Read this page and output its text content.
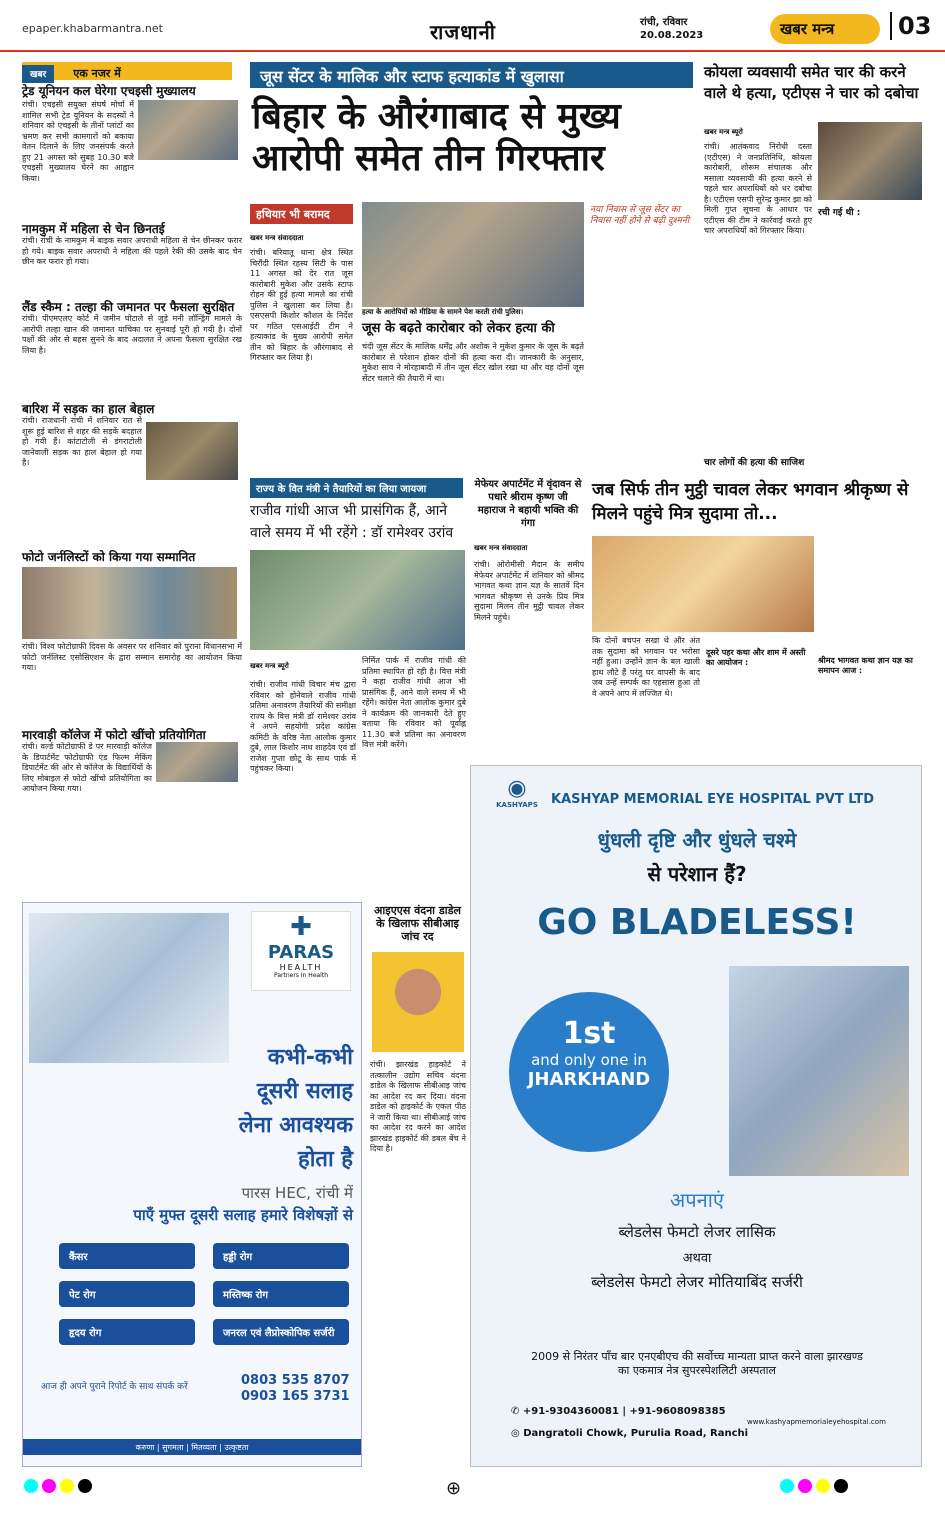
epaper.khabarmantra.net	राजधानी	रांची, रविवार
20.08.2023	खबर मन्त्र	03
खबर एक नजर में
ट्रेड यूनियन कल घेरेगा एचइसी मुख्यालय
रांची। एचइसी सयुक्त संघर्ष मोर्चा में शामिल सभी ट्रेड यूनियन के सदस्यों ने शनिवार को एचइसी के तीनों प्लांटों का भ्रमण कर सभी कामगारों को बकाया वेतन दिलाने के लिए जनसंपर्क करते हुए 21 अगस्त को सुबह 10.30 बजे एचइसी मुख्यालय घेरने का आह्वान किया।
नामकुम में महिला से चेन छिनतई
रांची। रांची के नामकुम में बाइक सवार अपराधी महिला से चेन छीनकर फरार हो गये। बाइक सवार अपराधी ने महिला की पहले रेकी की उसके बाद चेन छीन कर फरार हो गया।
लैंड स्कैम : तल्हा की जमानत पर फैसला सुरक्षित
रांची। पीएमएलए कोर्ट में जमीन घोटाले से जुड़े मनी लॉन्ड्रिंग मामले के आरोपी तल्हा खान की जमानत याचिका पर सुनवाई पूरी हो गयी है। दोनों पक्षों की ओर से बहस सुनने के बाद अदालत ने अपना फैसला सुरक्षित रख लिया है।
बारिश में सड़क का हाल बेहाल
रांची। राजधानी रांची में शनिवार रात से शुरू हुई बारिश से शहर की सड़कें बदहाल हो गयी हैं। कांटाटोली से डंगराटोली जानेवाली सड़क का हाल बेहाल हो गया है।
फोटो जर्नलिस्टों को किया गया सम्मानित
रांची। विश्व फोटोग्राफी दिवस के अवसर पर शनिवार को पुराना विधानसभा में फोटो जर्नलिस्ट एसोसिएशन के द्वारा सम्मान समारोह का आयोजन किया गया।
मारवाड़ी कॉलेज में फोटो खींचो प्रतियोगिता
रांची। वर्ल्ड फोटोग्राफी डे पर मारवाड़ी कॉलेज के डिपार्टमेंट फोटोग्राफी एंड फिल्म मेकिंग डिपार्टमेंट की ओर से कॉलेज के विद्यार्थियों के लिए मोबाइल से फोटो खींचो प्रतियोगिता का आयोजन किया गया।
जूस सेंटर के मालिक और स्टाफ हत्याकांड में खुलासा
बिहार के औरंगाबाद से मुख्य आरोपी समेत तीन गिरफ्तार
हथियार भी बरामद
खबर मन्त्र संवाददाता
रांची। बरियातू थाना क्षेत्र स्थित चिरौंदी स्थित रहस्य सिटी के पास 11 अगस्त को देर रात जूस कारोबारी मुकेश और उसके स्टाफ रोहन की हुई हत्या मामले का रांची पुलिस ने खुलासा कर लिया है। एसएसपी किशोर कौशल के निर्देश पर गठित एसआईटी टीम ने हत्याकांड के मुख्य आरोपी समेत तीन को बिहार के औरंगाबाद से गिरफ्तार कर लिया है।
हत्या के आरोपियों को मीडिया के सामने पेश करती रांची पुलिस।
जूस के बढ़ते कारोबार को लेकर हत्या की
चंदी जूस सेंटर के मालिक धर्मेंद्र और अशोक ने मुकेश कुमार के जूस के बढ़ते कारोबार से परेशान होकर दोनों की हत्या करा दी। जानकारी के अनुसार, मुकेश साव ने मोरहाबादी में तीन जूस सेंटर खोल रखा था और वह दोनों जूस सेंटर चलाने की तैयारी में था।
नया निवास से जूस सेंटर का निवास नहीं होने से बढ़ी दुश्मनी
कोयला व्यवसायी समेत चार की करने वाले थे हत्या, एटीएस ने चार को दबोचा
खबर मन्त्र ब्यूरो
रांची। आतंकवाद निरोधी दस्ता (एटीएस) ने जनप्रतिनिधि, कोयला कारोबारी, शोरूम संचालक और मसाला व्यवसायी की हत्या करने से पहले चार अपराधियों को धर दबोचा है। एटीएस एसपी सुरेन्द्र कुमार झा को मिली गुप्त सूचना के आधार पर एटीएस की टीम ने कार्रवाई करते हुए चार अपराधियों को गिरफ्तार किया।
रची गई थी :
चार लोगों की हत्या की साजिश
राज्य के वित मंत्री ने तैयारियों का लिया जायजा
राजीव गांधी आज भी प्रासंगिक हैं, आने वाले समय में भी रहेंगे : डॉ रामेश्वर उरांव
खबर मन्त्र ब्यूरो
रांची। राजीव गांधी विचार मंच द्वारा रविवार को होनेवाले राजीव गांधी प्रतिमा अनावरण तैयारियों की समीक्षा राज्य के वित्त मंत्री डॉ रामेश्वर उरांव ने अपने सहयोगी प्रदेश कांग्रेस कमिटी के वरिष्ठ नेता आलोक कुमार दुबे, लाल किशोर नाथ शाहदेव एवं डॉ राजेश गुप्ता छोटू के साथ पार्क में पहुंचकर किया।
निर्मित पार्क में राजीव गांधी की प्रतिमा स्थापित हो रही है। वित्त मंत्री ने कहा राजीव गांधी आज भी प्रासंगिक हैं, आने वाले समय में भी रहेंगे। कांग्रेस नेता आलोक कुमार दुबे ने कार्यक्रम की जानकारी देते हुए बताया कि रविवार को पूर्वाह्न 11.30 बजे प्रतिमा का अनावरण वित्त मंत्री करेंगे।
मेफेयर अपार्टमेंट में वृंदावन से पधारे श्रीराम कृष्ण जी महाराज ने बहायी भक्ति की गंगा
खबर मन्त्र संवाददाता
रांची। ओरोमीसी मैदान के समीप मेफेयर अपार्टमेंट में शनिवार को श्रीमद भागवत कथा ज्ञान यज्ञ के सातवें दिन भागवत श्रीकृष्ण से उनके प्रिय मित्र सुदामा मिलन तीन मुट्ठी चावल लेकर मिलने पहुंचे।
जब सिर्फ तीन मुट्ठी चावल लेकर भगवान श्रीकृष्ण से मिलने पहुंचे मित्र सुदामा तो...
कि दोनों बचपन सखा थे और अंत तक सुदामा को भगवान पर भरोसा नहीं हुआ। उन्होंने ज्ञान के बल खाली हाथ लौटे हैं परंतु घर वापसी के बाद जब उन्हें सम्पर्क का एहसास हुआ तो वे अपने आप में लज्जित थे।
दूसरे पहर कथा और शाम में अस्ती का आयोजन :	श्रीमद भागवत कथा ज्ञान यज्ञ का समापन आज :
आइएएस वंदना डाडेल के खिलाफ सीबीआइ जांच रद
रांची। झारखंड हाइकोर्ट ने तत्कालीन उद्योग सचिव वंदना डाडेल के खिलाफ सीबीआइ जांच का आदेश रद कर दिया। वंदना डाडेल को हाइकोर्ट के एकल पीठ ने जारी किया था। सीबीआई जांच का आदेश रद करने का आदेश झारखंड हाइकोर्ट की डबल बेंच ने दिया है।
✚
PARAS
HEALTH
Partners In Health
कभी-कभी
दूसरी सलाह
लेना आवश्यक
होता है
पारस HEC, रांची में
पाएँ मुफ्त दूसरी सलाह हमारे विशेषज्ञों से
कैंसर	हड्डी रोग
पेट रोग	मस्तिष्क रोग
हृदय रोग	जनरल एवं लैप्रोस्कोपिक सर्जरी
आज ही अपने पुराने रिपोर्ट के साथ संपर्क करें	0803 535 8707
0903 165 3731
करुणा | सुगमता | मितव्यता | उत्कृष्टता
◉
KASHYAPS	KASHYAP MEMORIAL EYE HOSPITAL PVT LTD
धुंधली दृष्टि और धुंधले चश्मे
से परेशान हैं?
GO BLADELESS!
1st
and only one in
JHARKHAND
अपनाएं
ब्लेडलेस फेमटो लेजर लासिक
अथवा
ब्लेडलेस फेमटो लेजर मोतियाबिंद सर्जरी
2009 से निरंतर पाँच बार एनएबीएच की सर्वोच्च मान्यता प्राप्त करने वाला झारखण्ड का एकमात्र नेत्र सुपरस्पेशलिटी अस्पताल
✆ +91-9304360081 | +91-9608098385
www.kashyapmemorialeyehospital.com
◎ Dangratoli Chowk, Purulia Road, Ranchi
⊕
